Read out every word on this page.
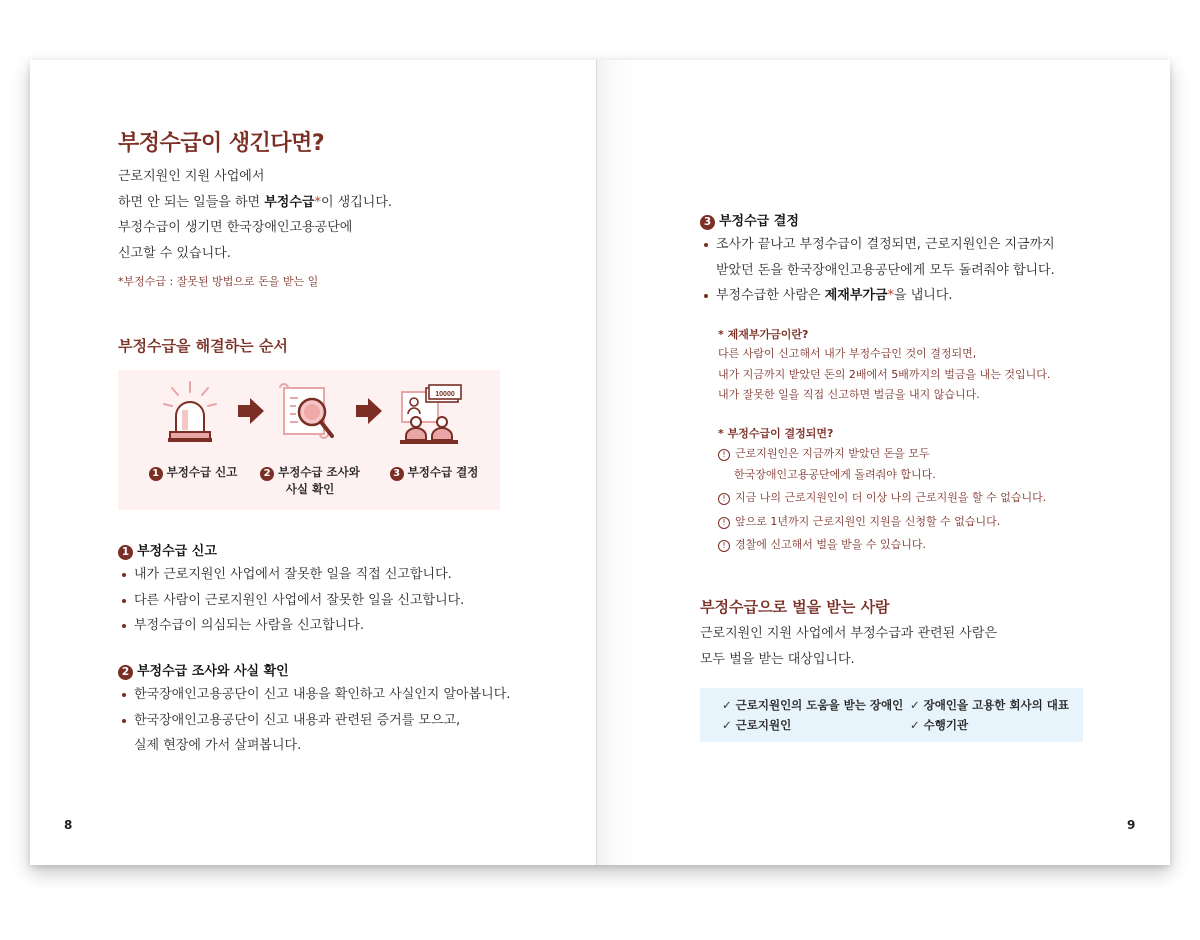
부정수급이 생긴다면?
근로지원인 지원 사업에서
하면 안 되는 일들을 하면 부정수급*이 생깁니다.
부정수급이 생기면 한국장애인고용공단에
신고할 수 있습니다.
*부정수급 : 잘못된 방법으로 돈을 받는 일
부정수급을 해결하는 순서
10000
1 부정수급 신고	2 부정수급 조사와
사실 확인
3 부정수급 결정
1 부정수급 신고
내가 근로지원인 사업에서 잘못한 일을 직접 신고합니다.
다른 사람이 근로지원인 사업에서 잘못한 일을 신고합니다.
부정수급이 의심되는 사람을 신고합니다.
2 부정수급 조사와 사실 확인
한국장애인고용공단이 신고 내용을 확인하고 사실인지 알아봅니다.
한국장애인고용공단이 신고 내용과 관련된 증거를 모으고,
실제 현장에 가서 살펴봅니다.
8
3 부정수급 결정
조사가 끝나고 부정수급이 결정되면, 근로지원인은 지금까지
받았던 돈을 한국장애인고용공단에게 모두 돌려줘야 합니다.
부정수급한 사람은 제재부가금*을 냅니다.
* 제재부가금이란?
다른 사람이 신고해서 내가 부정수급인 것이 결정되면,
내가 지금까지 받았던 돈의 2배에서 5배까지의 벌금을 내는 것입니다.
내가 잘못한 일을 직접 신고하면 벌금을 내지 않습니다.
* 부정수급이 결정되면?
! 근로지원인은 지금까지 받았던 돈을 모두
한국장애인고용공단에게 돌려줘야 합니다.
! 지금 나의 근로지원인이 더 이상 나의 근로지원을 할 수 없습니다.
! 앞으로 1년까지 근로지원인 지원을 신청할 수 없습니다.
! 경찰에 신고해서 벌을 받을 수 있습니다.
부정수급으로 벌을 받는 사람
근로지원인 지원 사업에서 부정수급과 관련된 사람은
모두 벌을 받는 대상입니다.
✓ 근로지원인의 도움을 받는 장애인 ✓ 장애인을 고용한 회사의 대표
✓ 근로지원인	✓ 수행기관
9
